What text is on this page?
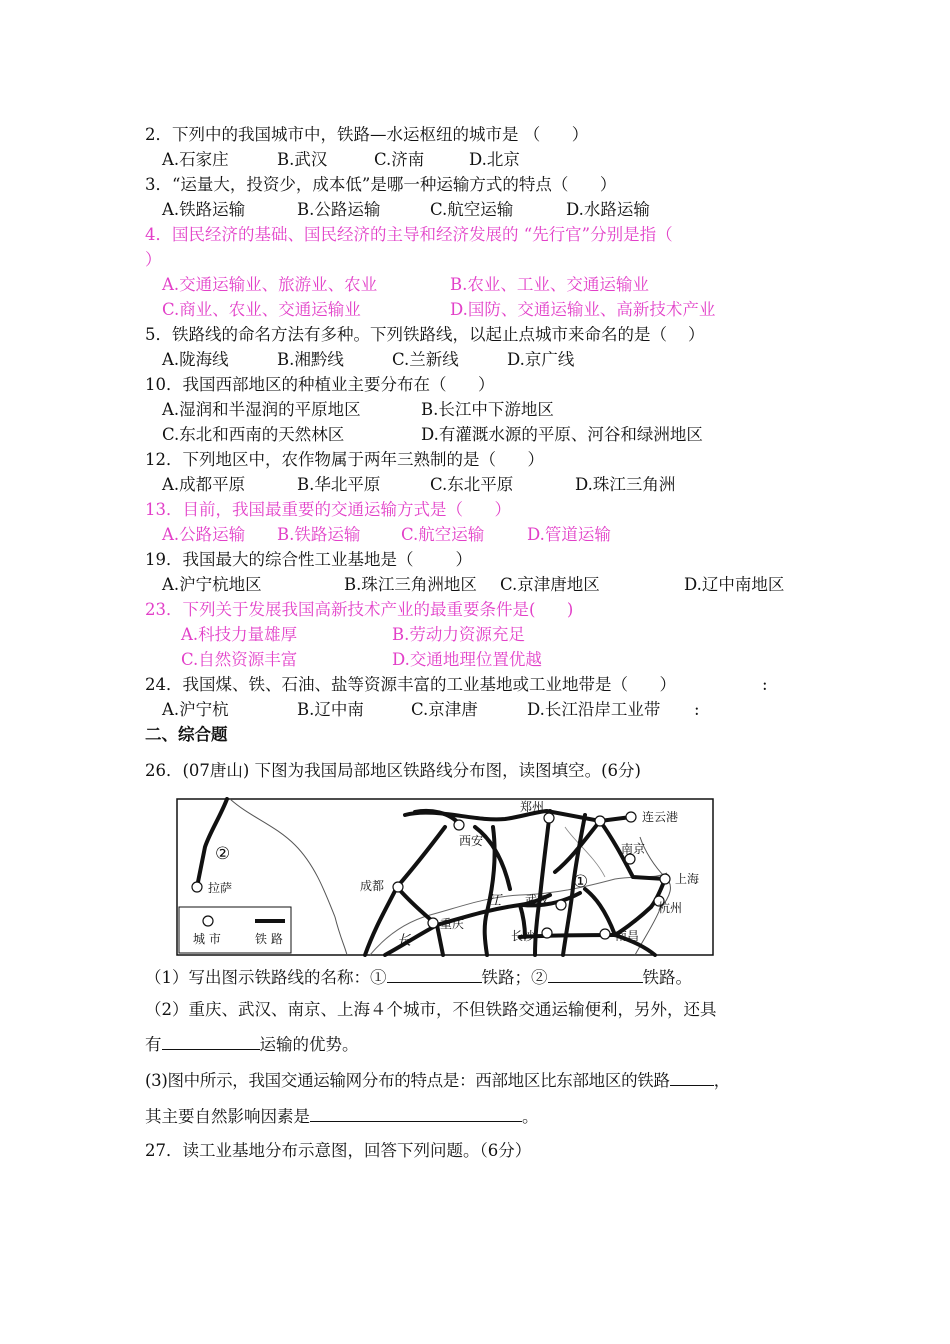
2．下列中的我国城市中，铁路—水运枢纽的城市是 （      ）
A.石家庄	B.武汉	C.济南	D.北京
3．“运量大，投资少，成本低”是哪一种运输方式的特点（      ）
A.铁路运输	B.公路运输	C.航空运输	D.水路运输
4．国民经济的基础、国民经济的主导和经济发展的 “先行官”分别是指（
）
A.交通运输业、旅游业、农业	B.农业、工业、交通运输业
C.商业、农业、交通运输业	D.国防、交通运输业、高新技术产业
5．铁路线的命名方法有多种。下列铁路线，以起止点城市来命名的是（    ）
A.陇海线	B.湘黔线	C.兰新线	D.京广线
10．我国西部地区的种植业主要分布在（      ）
A.湿润和半湿润的平原地区	B.长江中下游地区
C.东北和西南的天然林区	D.有灌溉水源的平原、河谷和绿洲地区
12．下列地区中，农作物属于两年三熟制的是（      ）
A.成都平原	B.华北平原	C.东北平原	D.珠江三角洲
13．目前，我国最重要的交通运输方式是（      ）
A.公路运输 B.铁路运输 C.航空运输	D.管道运输
19．我国最大的综合性工业基地是（        ）
A.沪宁杭地区	B.珠江三角洲地区 C.京津唐地区	D.辽中南地区
23．下列关于发展我国高新技术产业的最重要条件是(      )
A.科技力量雄厚	B.劳动力资源充足
C.自然资源丰富	D.交通地理位置优越
24．我国煤、铁、石油、盐等资源丰富的工业基地或工业地带是（      ）	:
A.沪宁杭	B.辽中南	C.京津唐	D.长江沿岸工业带 :
二、综合题
26．(07唐山) 下图为我国局部地区铁路线分布图，读图填空。(6分)
郑州
连云港
西安
南京
上海
成都
武汉
杭州
重庆
长沙	南昌
拉萨	①
②
江
长
城 市	铁 路
（1）写出图示铁路线的名称：①	铁路；②	铁路。
（2）重庆、武汉、南京、上海４个城市，不但铁路交通运输便利，另外，还具
有	运输的优势。
(3)图中所示，我国交通运输网分布的特点是：西部地区比东部地区的铁路	，
其主要自然影响因素是	。
27．读工业基地分布示意图，回答下列问题。（6分）
